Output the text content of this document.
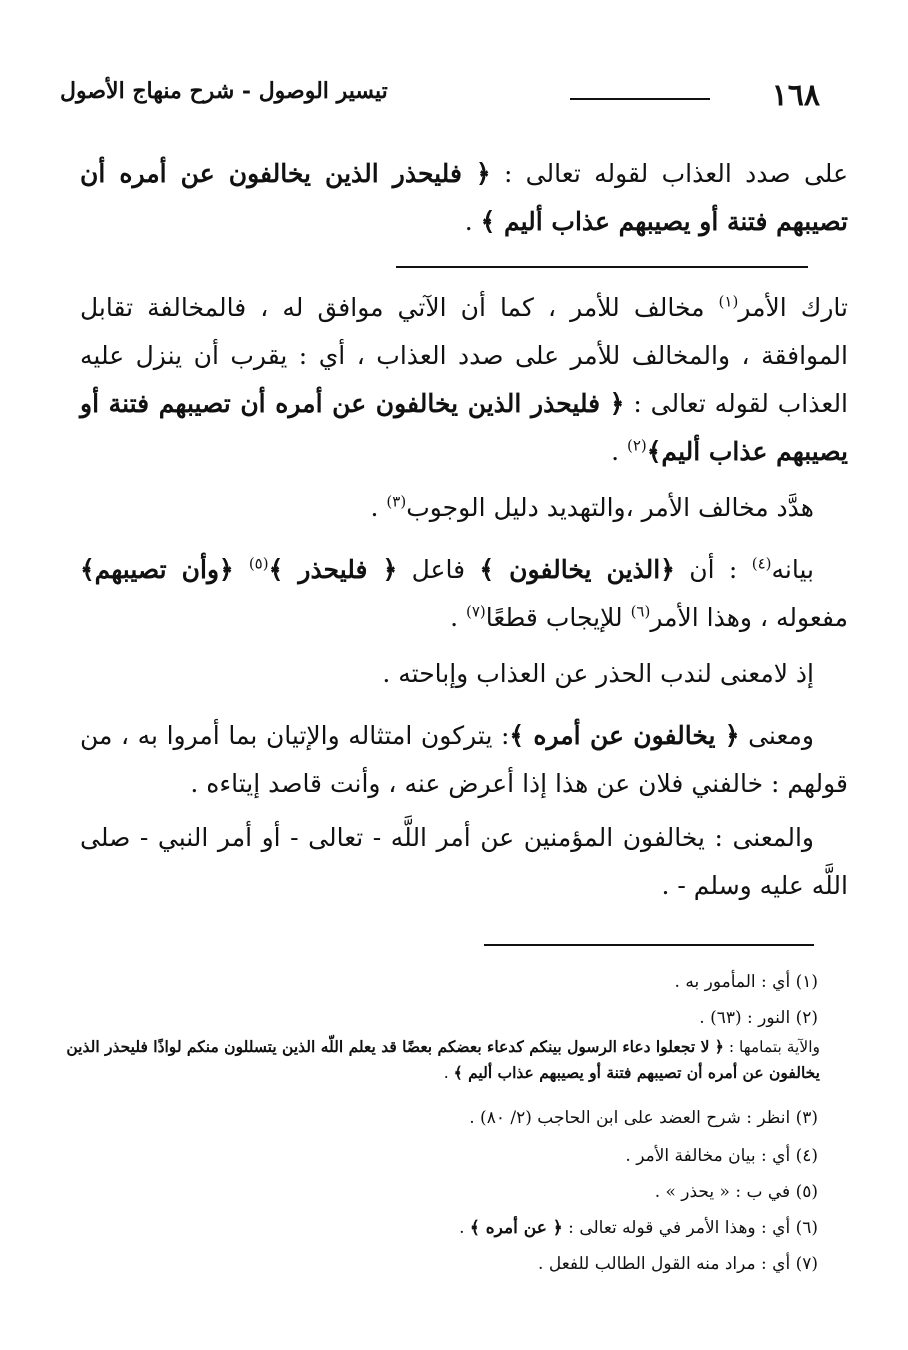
١٦٨
تيسير الوصول - شرح منهاج الأصول

على صدد العذاب لقوله تعالى : ﴿ فليحذر الذين يخالفون عن أمره أن تصيبهم فتنة أو يصيبهم عذاب أليم ﴾ .

تارك الأمر$^{(١)}$ مخالف للأمر ، كما أن الآتي موافق له ، فالمخالفة تقابل الموافقة ، والمخالف للأمر على صدد العذاب ، أي : يقرب أن ينزل عليه العذاب لقوله تعالى : ﴿ فليحذر الذين يخالفون عن أمره أن تصيبهم فتنة أو يصيبهم عذاب أليم﴾$^{(٢)}$ .

هدَّد مخالف الأمر ،والتهديد دليل الوجوب$^{(٣)}$ .

بيانه$^{(٤)}$ : أن ﴿الذين يخالفون ﴾ فاعل ﴿ فليحذر ﴾$^{(٥)}$ ﴿وأن تصيبهم﴾ مفعوله ، وهذا الأمر$^{(٦)}$ للإيجاب قطعًا$^{(٧)}$ .

إذ لامعنى لندب الحذر عن العذاب وإباحته .

ومعنى ﴿ يخالفون عن أمره ﴾: يتركون امتثاله والإتيان بما أمروا به ، من قولهم : خالفني فلان عن هذا إذا أعرض عنه ، وأنت قاصد إيتاءه .

والمعنى : يخالفون المؤمنين عن أمر اللَّه - تعالى - أو أمر النبي - صلى اللَّه عليه وسلم - .

(١) أي : المأمور به .

(٢) النور : (٦٣) .

والآية بتمامها : ﴿ لا تجعلوا دعاء الرسول بينكم كدعاء بعضكم بعضًا قد يعلم اللّه الذين يتسللون منكم لواذًا فليحذر الذين يخالفون عن أمره أن تصيبهم فتنة أو يصيبهم عذاب أليم ﴾ .

(٣) انظر : شرح العضد على ابن الحاجب (٢/ ٨٠) .

(٤) أي : بيان مخالفة الأمر .

(٥) في ب : « يحذر » .

(٦) أي : وهذا الأمر في قوله تعالى : ﴿ عن أمره ﴾ .

(٧) أي : مراد منه القول الطالب للفعل .
